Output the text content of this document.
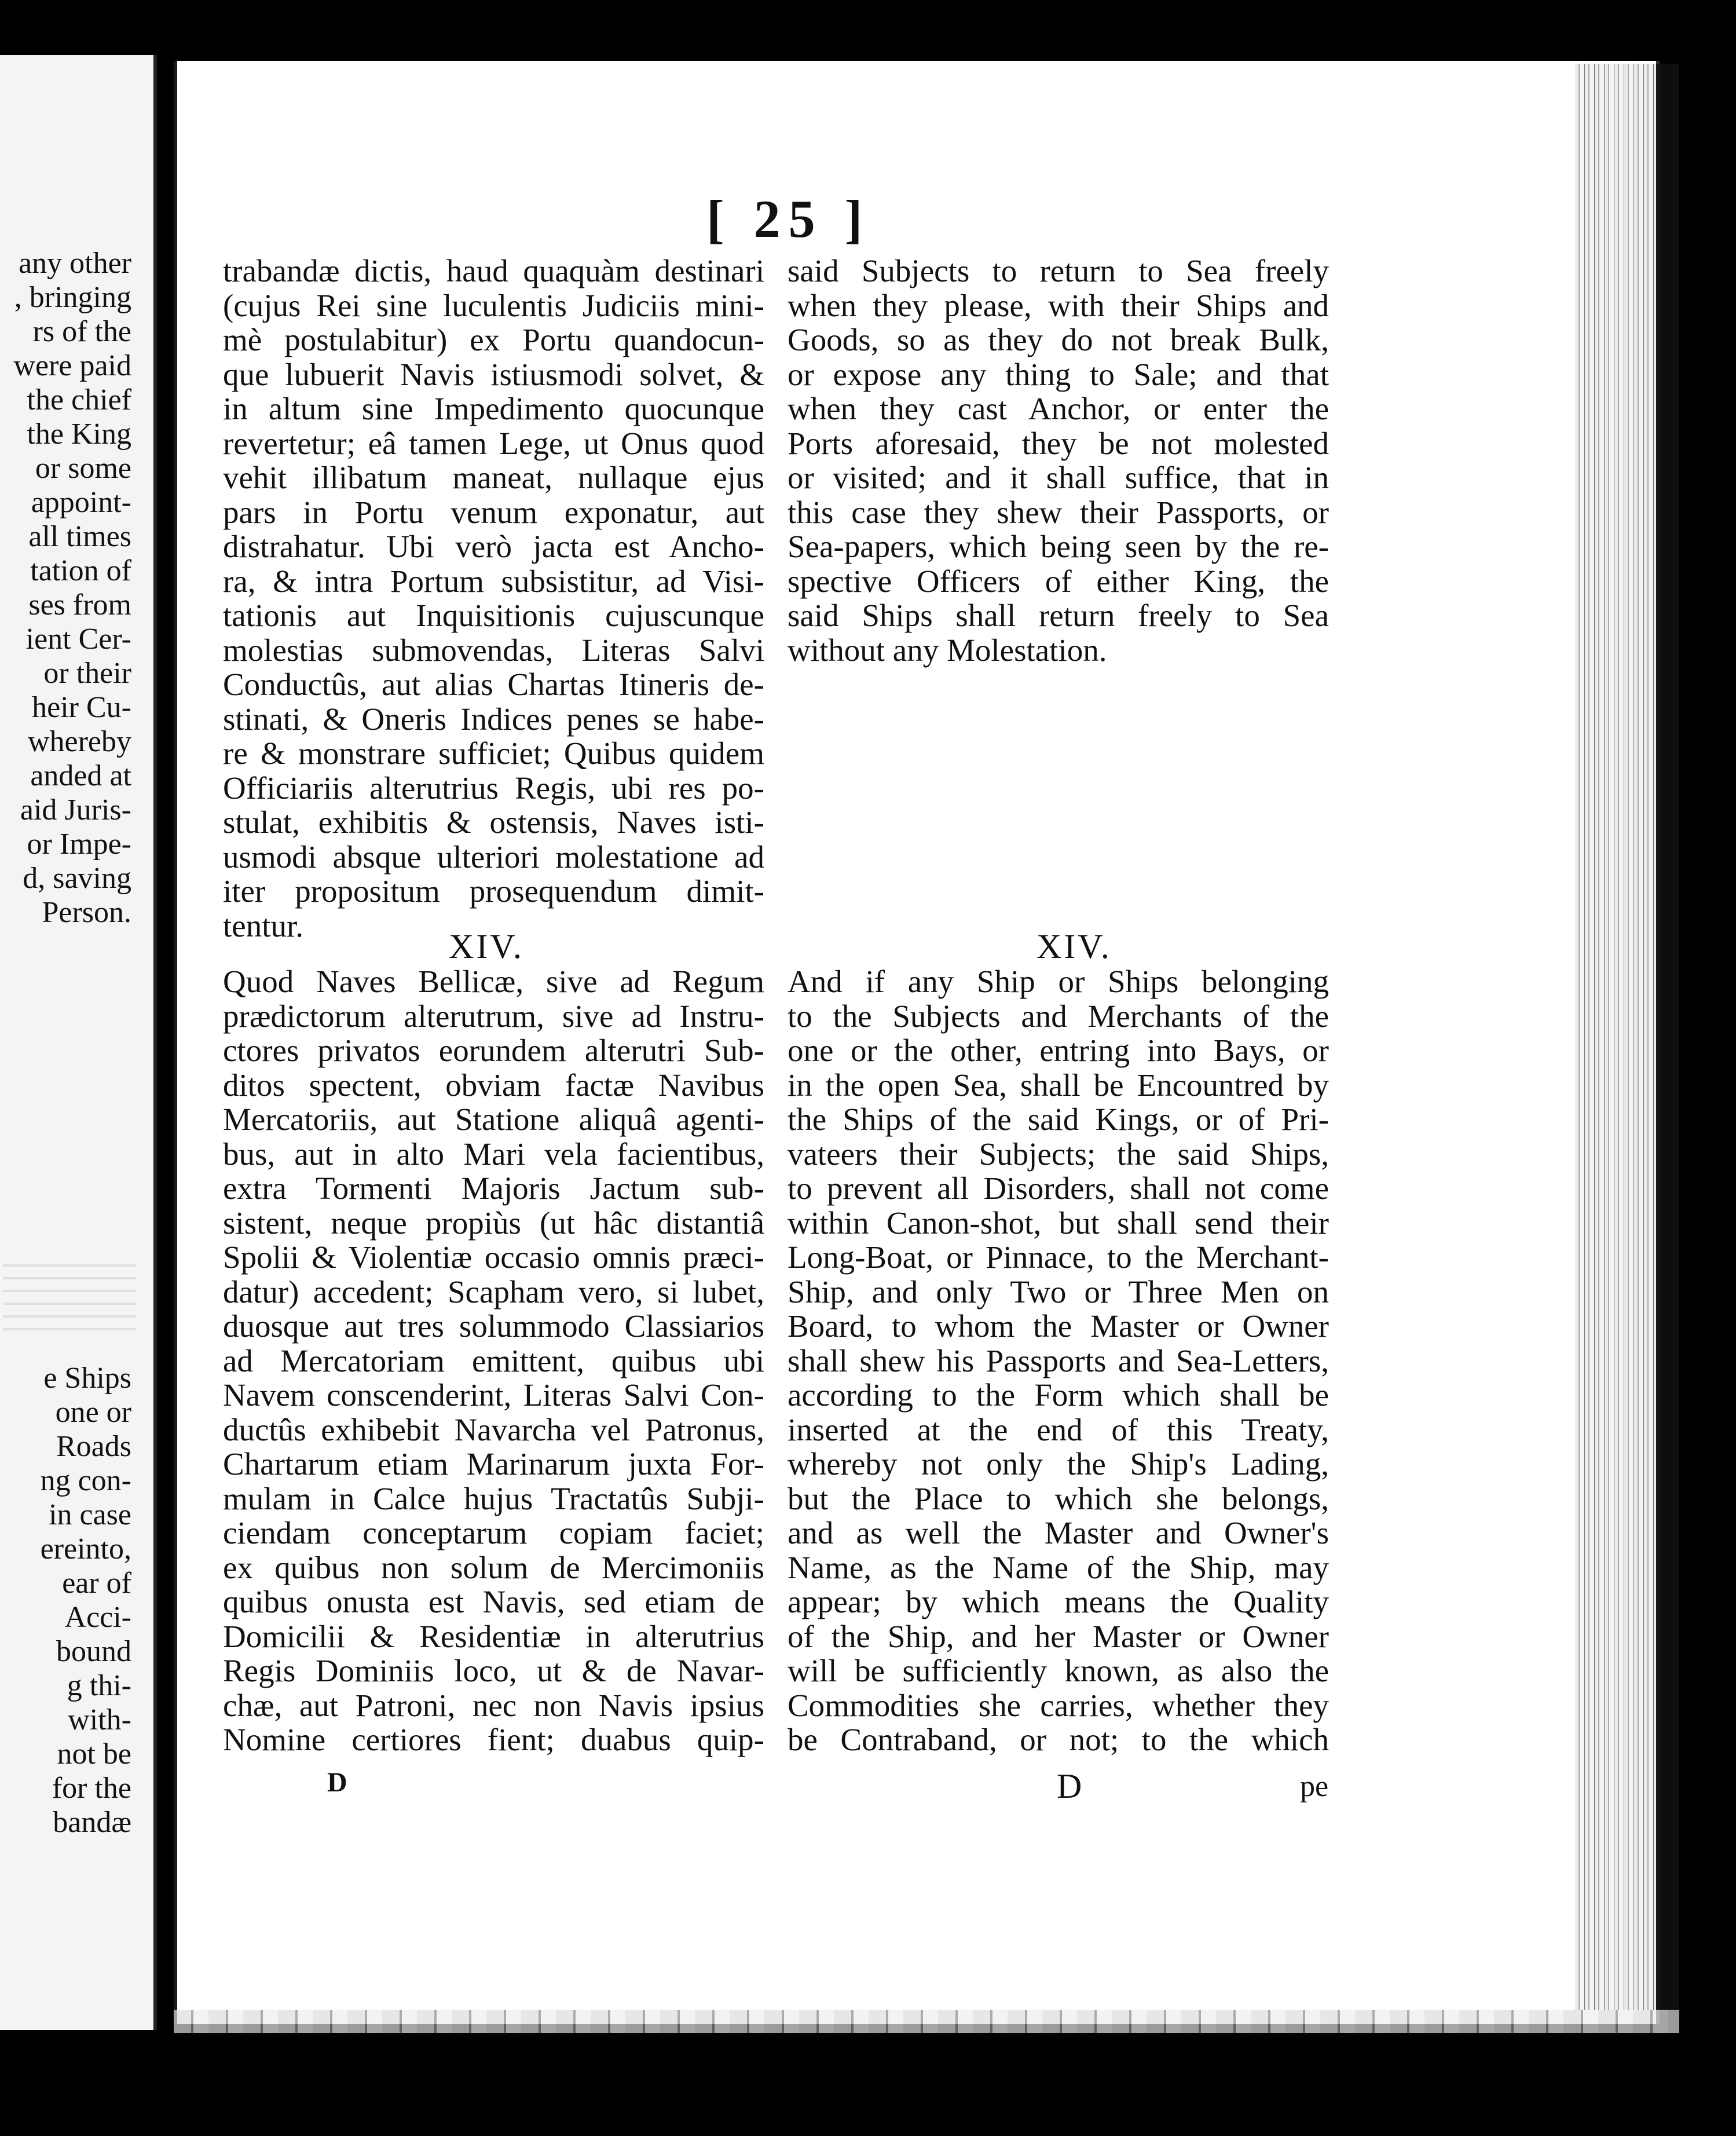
any other
, bringing
rs of the
were paid
the chief
the King
or some
appoint-
all times
tation of
ses from
ient Cer-
or their
heir Cu-
whereby
anded at
aid Juris-
or Impe-
d, saving
Person.
e Ships
one or
Roads
ng con-
in case
ereinto,
ear of
Acci-
bound
g thi-
with-
not be
for the
bandæ
[ 25 ]
trabandæ dictis, haud quaquàm destinari
(cujus Rei sine luculentis Judiciis mini-
mè postulabitur) ex Portu quandocun-
que lubuerit Navis istiusmodi solvet, &
in altum sine Impedimento quocunque
revertetur; eâ tamen Lege, ut Onus quod
vehit illibatum maneat, nullaque ejus
pars in Portu venum exponatur, aut
distrahatur. Ubi verò jacta est Ancho-
ra, & intra Portum subsistitur, ad Visi-
tationis aut Inquisitionis cujuscunque
molestias submovendas, Literas Salvi
Conductûs, aut alias Chartas Itineris de-
stinati, & Oneris Indices penes se habe-
re & monstrare sufficiet; Quibus quidem
Officiariis alterutrius Regis, ubi res po-
stulat, exhibitis & ostensis, Naves isti-
usmodi absque ulteriori molestatione ad
iter propositum prosequendum dimit-
tentur.
said Subjects to return to Sea freely
when they please, with their Ships and
Goods, so as they do not break Bulk,
or expose any thing to Sale; and that
when they cast Anchor, or enter the
Ports aforesaid, they be not molested
or visited; and it shall suffice, that in
this case they shew their Passports, or
Sea-papers, which being seen by the re-
spective Officers of either King, the
said Ships shall return freely to Sea
without any Molestation.
XIV.	XIV.
Quod Naves Bellicæ, sive ad Regum
prædictorum alterutrum, sive ad Instru-
ctores privatos eorundem alterutri Sub-
ditos spectent, obviam factæ Navibus
Mercatoriis, aut Statione aliquâ agenti-
bus, aut in alto Mari vela facientibus,
extra Tormenti Majoris Jactum sub-
sistent, neque propiùs (ut hâc distantiâ
Spolii & Violentiæ occasio omnis præci-
datur) accedent; Scapham vero, si lubet,
duosque aut tres solummodo Classiarios
ad Mercatoriam emittent, quibus ubi
Navem conscenderint, Literas Salvi Con-
ductûs exhibebit Navarcha vel Patronus,
Chartarum etiam Marinarum juxta For-
mulam in Calce hujus Tractatûs Subji-
ciendam conceptarum copiam faciet;
ex quibus non solum de Mercimoniis
quibus onusta est Navis, sed etiam de
Domicilii & Residentiæ in alterutrius
Regis Dominiis loco, ut & de Navar-
chæ, aut Patroni, nec non Navis ipsius
Nomine certiores fient; duabus quip-
And if any Ship or Ships belonging
to the Subjects and Merchants of the
one or the other, entring into Bays, or
in the open Sea, shall be Encountred by
the Ships of the said Kings, or of Pri-
vateers their Subjects; the said Ships,
to prevent all Disorders, shall not come
within Canon-shot, but shall send their
Long-Boat, or Pinnace, to the Merchant-
Ship, and only Two or Three Men on
Board, to whom the Master or Owner
shall shew his Passports and Sea-Letters,
according to the Form which shall be
inserted at the end of this Treaty,
whereby not only the Ship's Lading,
but the Place to which she belongs,
and as well the Master and Owner's
Name, as the Name of the Ship, may
appear; by which means the Quality
of the Ship, and her Master or Owner
will be sufficiently known, as also the
Commodities she carries, whether they
be Contraband, or not; to the which
D	D	pe
